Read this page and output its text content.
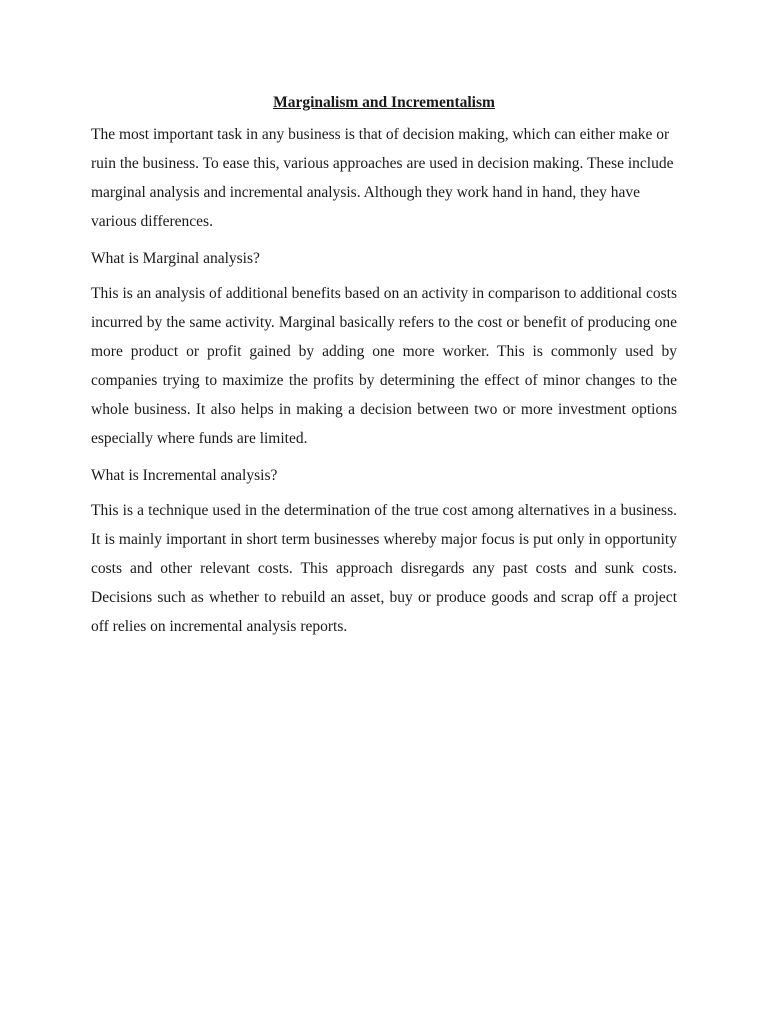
Marginalism and Incrementalism

The most important task in any business is that of decision making, which can either make or ruin the business. To ease this, various approaches are used in decision making. These include marginal analysis and incremental analysis. Although they work hand in hand, they have various differences.

What is Marginal analysis?

This is an analysis of additional benefits based on an activity in comparison to additional costs incurred by the same activity. Marginal basically refers to the cost or benefit of producing one more product or profit gained by adding one more worker. This is commonly used by companies trying to maximize the profits by determining the effect of minor changes to the whole business. It also helps in making a decision between two or more investment options especially where funds are limited.

What is Incremental analysis?

This is a technique used in the determination of the true cost among alternatives in a business. It is mainly important in short term businesses whereby major focus is put only in opportunity costs and other relevant costs. This approach disregards any past costs and sunk costs. Decisions such as whether to rebuild an asset, buy or produce goods and scrap off a project off relies on incremental analysis reports.
